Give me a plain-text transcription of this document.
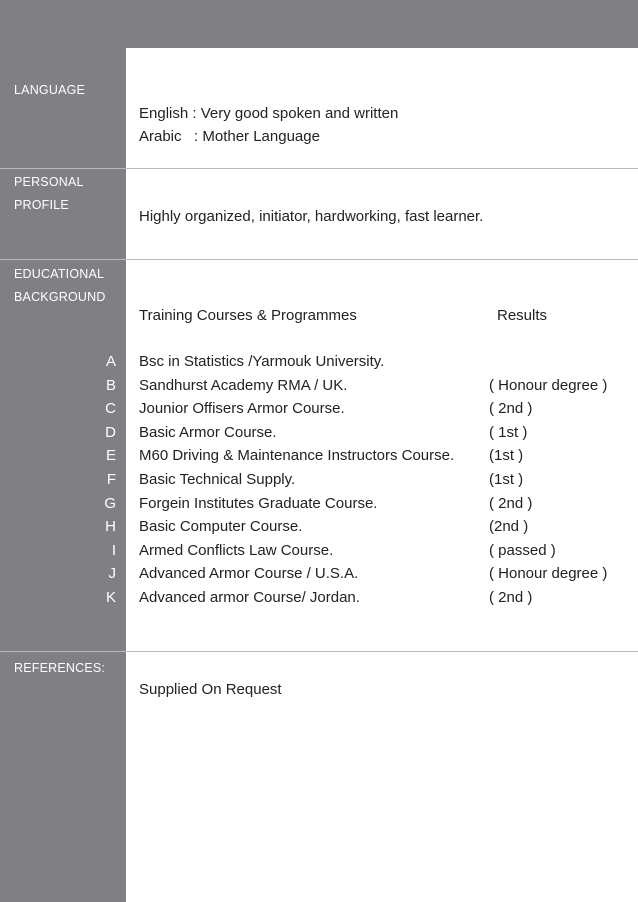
LANGUAGE
English : Very good spoken and written
Arabic   : Mother Language
PERSONAL
PROFILE
Highly organized, initiator, hardworking, fast learner.
EDUCATIONAL
BACKGROUND
Training Courses & Programmes	Results
A Bsc in Statistics /Yarmouk University.
B Sandhurst Academy RMA / UK.	( Honour degree )
C Jounior Offisers Armor Course.	( 2nd )
D Basic Armor Course.	( 1st )
E M60 Driving & Maintenance Instructors Course. (1st )
F Basic Technical Supply.	(1st )
G Forgein Institutes Graduate Course.	( 2nd )
H Basic Computer Course.	(2nd )
I Armed Conflicts Law Course.	( passed )
J Advanced Armor Course / U.S.A.	( Honour degree )
K Advanced armor Course/ Jordan.	( 2nd )
REFERENCES:
Supplied On Request
